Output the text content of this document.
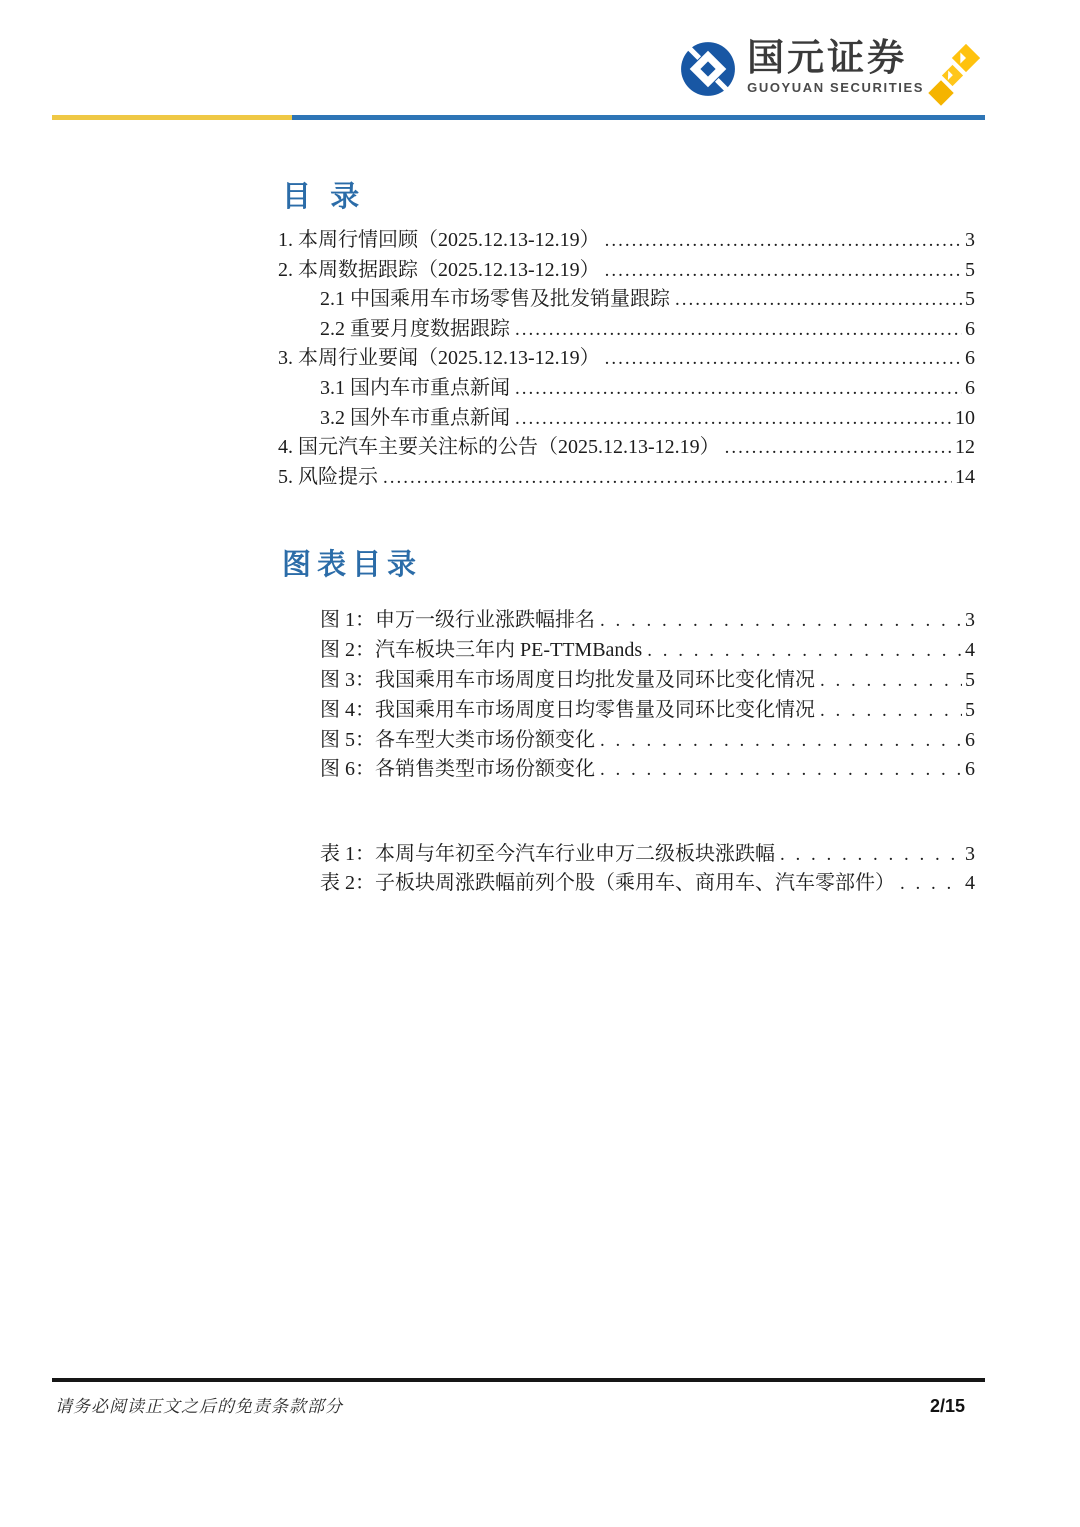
国元证券
GUOYUAN SECURITIES
目 录
1. 本周行情回顾（2025.12.13-12.19） .....	3
2. 本周数据跟踪（2025.12.13-12.19） .....	5
2.1 中国乘用车市场零售及批发销量跟踪 .....	5
2.2 重要月度数据跟踪 .....	6
3. 本周行业要闻（2025.12.13-12.19） .....	6
3.1 国内车市重点新闻 .....	6
3.2 国外车市重点新闻 .....	10
4. 国元汽车主要关注标的公告（2025.12.13-12.19） .....	12
5. 风险提示 .....	14
图表目录
图 1：申万一级行业涨跌幅排名 . . .	3
图 2：汽车板块三年内 PE-TTMBands . . .	4
图 3：我国乘用车市场周度日均批发量及同环比变化情况 . . .	5
图 4：我国乘用车市场周度日均零售量及同环比变化情况 . . .	5
图 5：各车型大类市场份额变化 . . .	6
图 6：各销售类型市场份额变化 . . .	6
表 1：本周与年初至今汽车行业申万二级板块涨跌幅 . . .	3
表 2：子板块周涨跌幅前列个股（乘用车、商用车、汽车零部件） . . .	4
请务必阅读正文之后的免责条款部分	2/15
